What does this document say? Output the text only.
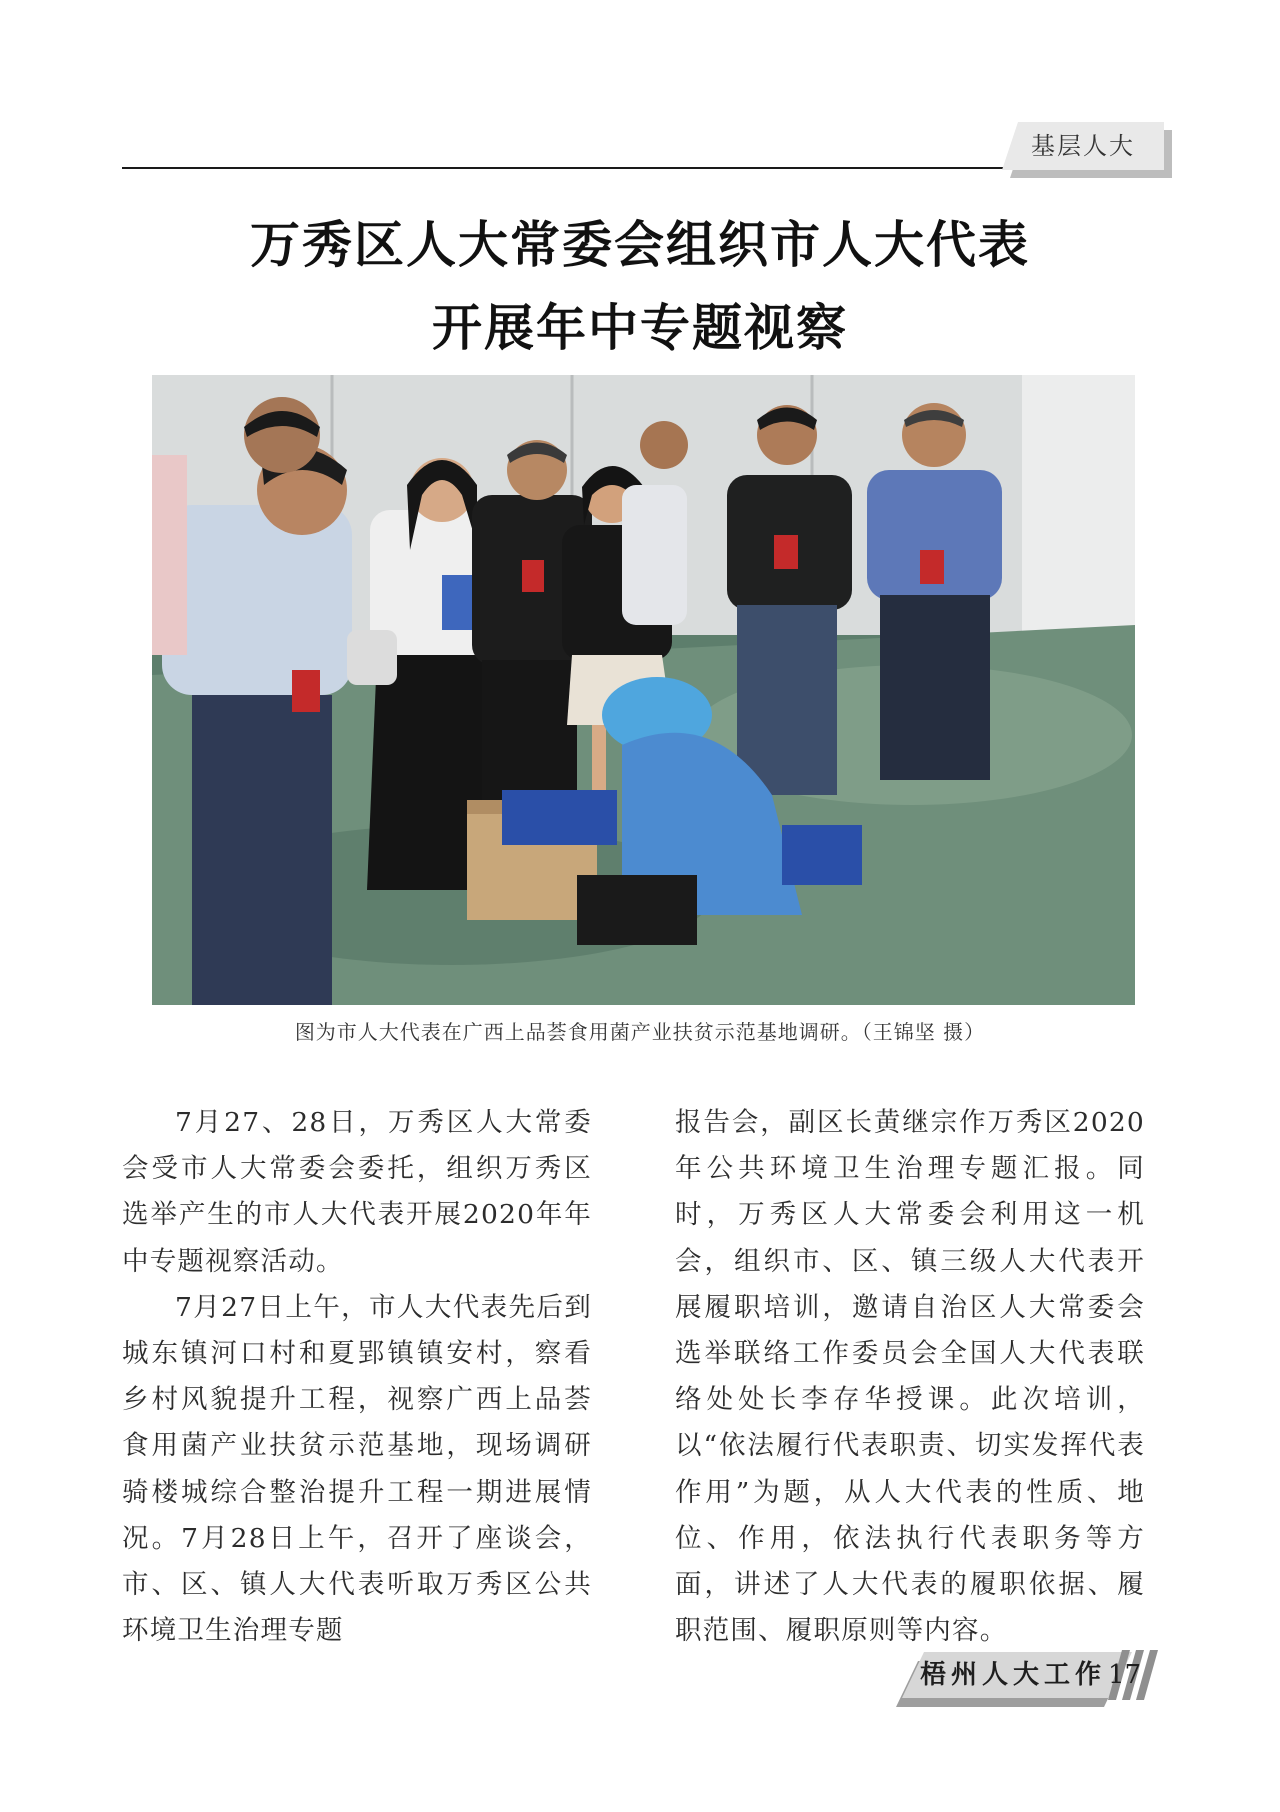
基层人大
万秀区人大常委会组织市人大代表
开展年中专题视察
图为市人大代表在广西上品荟食用菌产业扶贫示范基地调研。（王锦坚 摄）

7月27、28日，万秀区人大常委会受市人大常委会委托，组织万秀区选举产生的市人大代表开展2020年年中专题视察活动。

7月27日上午，市人大代表先后到城东镇河口村和夏郢镇镇安村，察看乡村风貌提升工程，视察广西上品荟食用菌产业扶贫示范基地，现场调研骑楼城综合整治提升工程一期进展情况。7月28日上午，召开了座谈会，市、区、镇人大代表听取万秀区公共环境卫生治理专题

报告会，副区长黄继宗作万秀区2020年公共环境卫生治理专题汇报。同时，万秀区人大常委会利用这一机会，组织市、区、镇三级人大代表开展履职培训，邀请自治区人大常委会选举联络工作委员会全国人大代表联络处处长李存华授课。此次培训，以“依法履行代表职责、切实发挥代表作用”为题，从人大代表的性质、地位、作用，依法执行代表职务等方面，讲述了人大代表的履职依据、履职范围、履职原则等内容。

梧州人大工作17
